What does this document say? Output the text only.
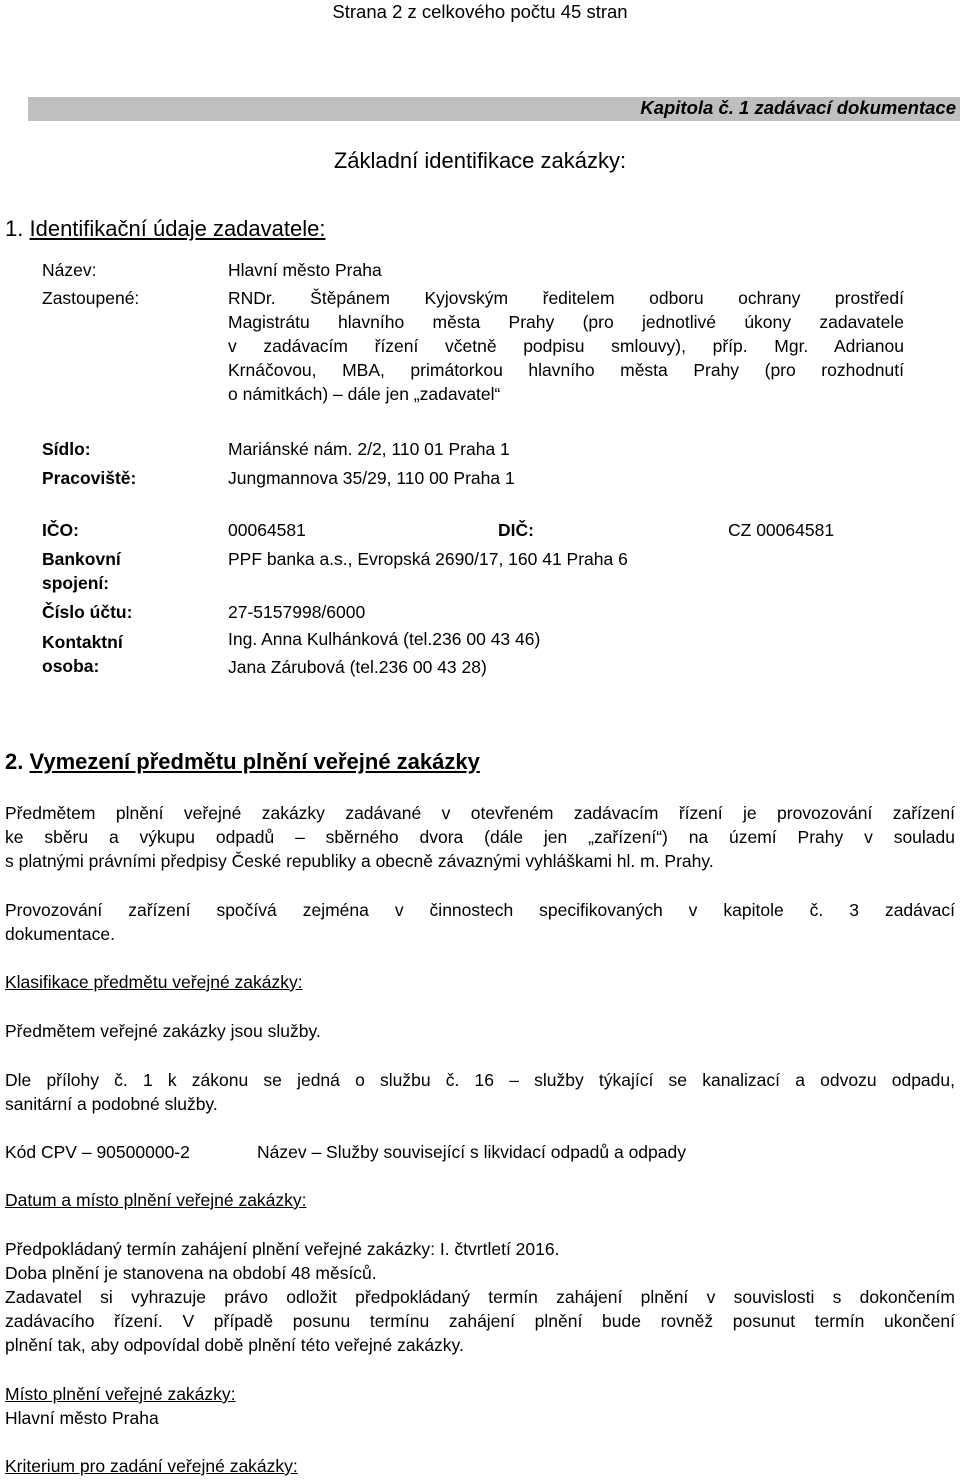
Strana 2 z celkového počtu 45 stran
Kapitola č. 1 zadávací dokumentace
Základní identifikace zakázky:
1. Identifikační údaje zadavatele:
Název:	Hlavní město Praha
Zastoupené:	RNDr. Štěpánem Kyjovským ředitelem odboru ochrany prostředí
Magistrátu hlavního města Prahy (pro jednotlivé úkony zadavatele
v zadávacím řízení včetně podpisu smlouvy), příp. Mgr. Adrianou
Krnáčovou, MBA, primátorkou hlavního města Prahy (pro rozhodnutí
o námitkách) – dále jen „zadavatel“
Sídlo:	Mariánské nám. 2/2, 110 01 Praha 1
Pracoviště:	Jungmannova 35/29, 110 00 Praha 1
IČO:	00064581	DIČ:	CZ 00064581
Bankovní
spojení:
PPF banka a.s., Evropská 2690/17, 160 41 Praha 6
Číslo účtu:	27-5157998/6000
Kontaktní
osoba:
Ing. Anna Kulhánková (tel.236 00 43 46)
Jana Zárubová (tel.236 00 43 28)
2. Vymezení předmětu plnění veřejné zakázky
Předmětem plnění veřejné zakázky zadávané v otevřeném zadávacím řízení je provozování zařízení
ke sběru a výkupu odpadů – sběrného dvora (dále jen „zařízení“) na území Prahy v souladu
s platnými právními předpisy České republiky a obecně závaznými vyhláškami hl. m. Prahy.
Provozování zařízení spočívá zejména v činnostech specifikovaných v kapitole č. 3 zadávací
dokumentace.
Klasifikace předmětu veřejné zakázky:
Předmětem veřejné zakázky jsou služby.
Dle přílohy č. 1 k zákonu se jedná o službu č. 16 – služby týkající se kanalizací a odvozu odpadu,
sanitární a podobné služby.
Kód CPV – 90500000-2	Název – Služby související s likvidací odpadů a odpady
Datum a místo plnění veřejné zakázky:
Předpokládaný termín zahájení plnění veřejné zakázky: I. čtvrtletí 2016.
Doba plnění je stanovena na období 48 měsíců.
Zadavatel si vyhrazuje právo odložit předpokládaný termín zahájení plnění v souvislosti s dokončením
zadávacího řízení. V případě posunu termínu zahájení plnění bude rovněž posunut termín ukončení
plnění tak, aby odpovídal době plnění této veřejné zakázky.
Místo plnění veřejné zakázky:
Hlavní město Praha
Kriterium pro zadání veřejné zakázky:
